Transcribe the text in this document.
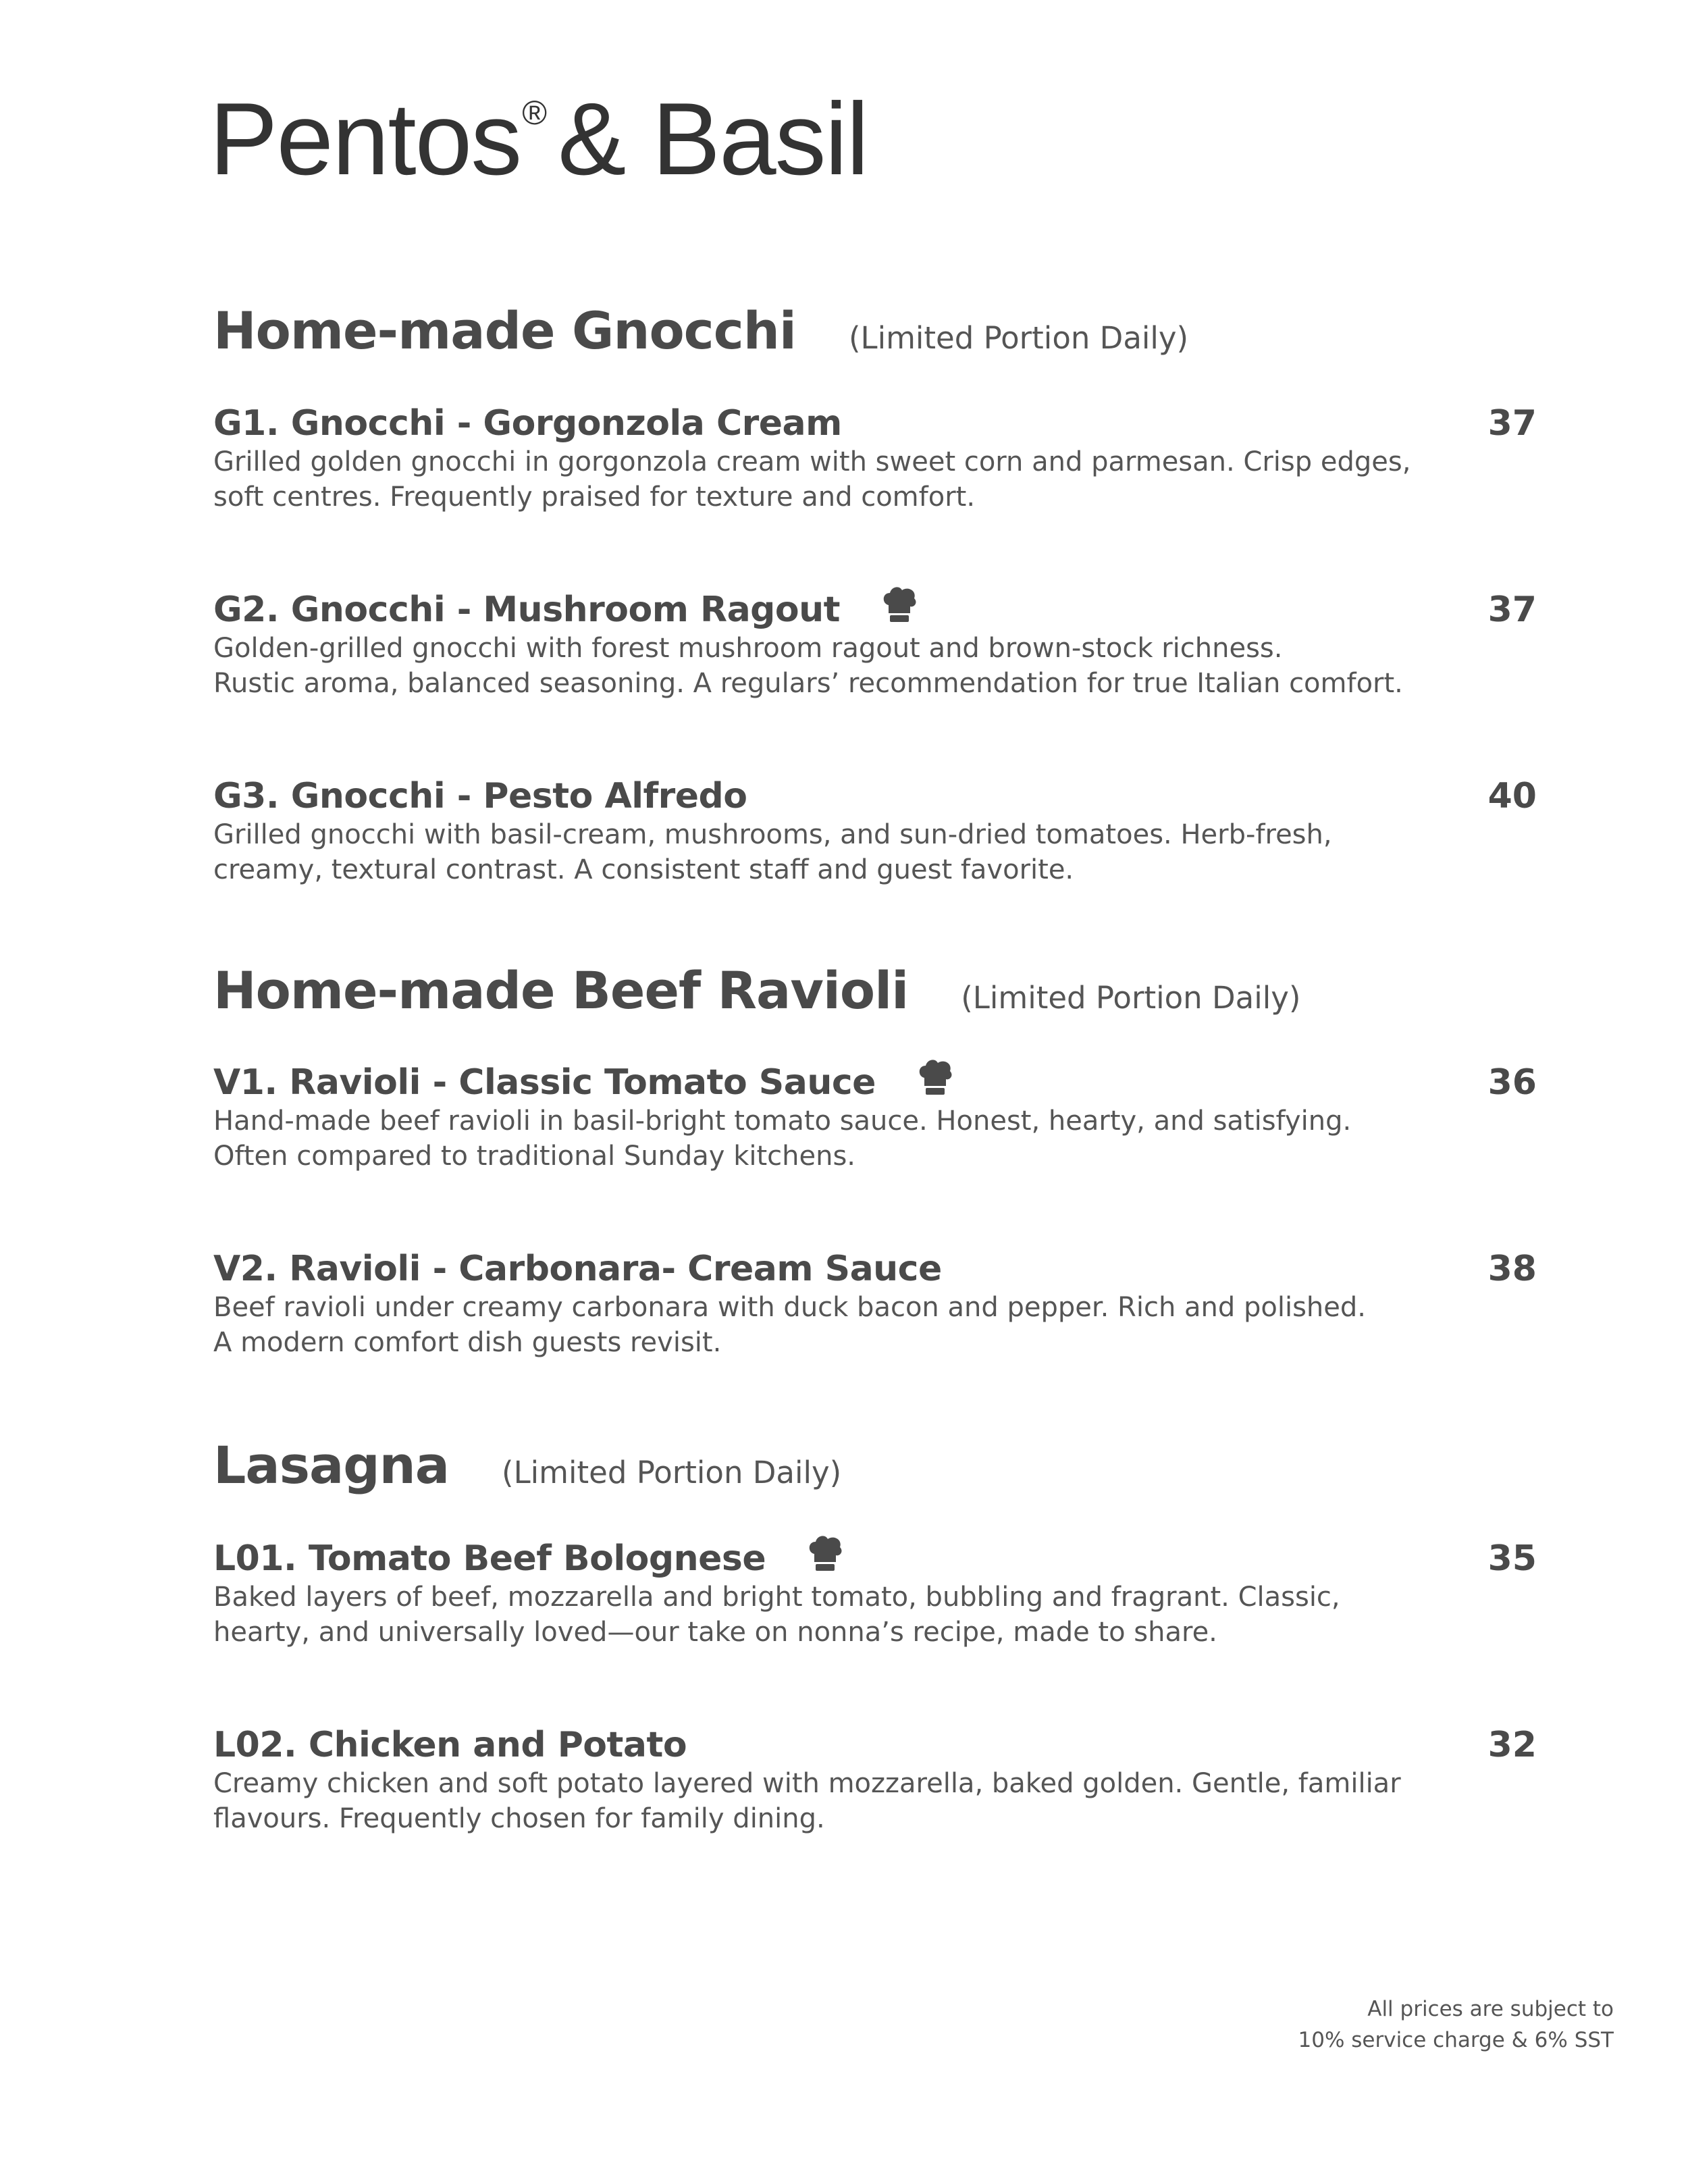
Pentos® & Basil
Home-made Gnocchi (Limited Portion Daily)
G1. Gnocchi - Gorgonzola Cream	37
Grilled golden gnocchi in gorgonzola cream with sweet corn and parmesan. Crisp edges,
soft centres. Frequently praised for texture and comfort.
G2. Gnocchi - Mushroom Ragout	37
Golden-grilled gnocchi with forest mushroom ragout and brown-stock richness.
Rustic aroma, balanced seasoning. A regulars’ recommendation for true Italian comfort.
G3. Gnocchi - Pesto Alfredo	40
Grilled gnocchi with basil-cream, mushrooms, and sun-dried tomatoes. Herb-fresh,
creamy, textural contrast. A consistent staff and guest favorite.
Home-made Beef Ravioli (Limited Portion Daily)
V1. Ravioli - Classic Tomato Sauce	36
Hand-made beef ravioli in basil-bright tomato sauce. Honest, hearty, and satisfying.
Often compared to traditional Sunday kitchens.
V2. Ravioli - Carbonara- Cream Sauce	38
Beef ravioli under creamy carbonara with duck bacon and pepper. Rich and polished.
A modern comfort dish guests revisit.
Lasagna (Limited Portion Daily)
L01. Tomato Beef Bolognese	35
Baked layers of beef, mozzarella and bright tomato, bubbling and fragrant. Classic,
hearty, and universally loved—our take on nonna’s recipe, made to share.
L02. Chicken and Potato	32
Creamy chicken and soft potato layered with mozzarella, baked golden. Gentle, familiar
flavours. Frequently chosen for family dining.
All prices are subject to
10% service charge & 6% SST
